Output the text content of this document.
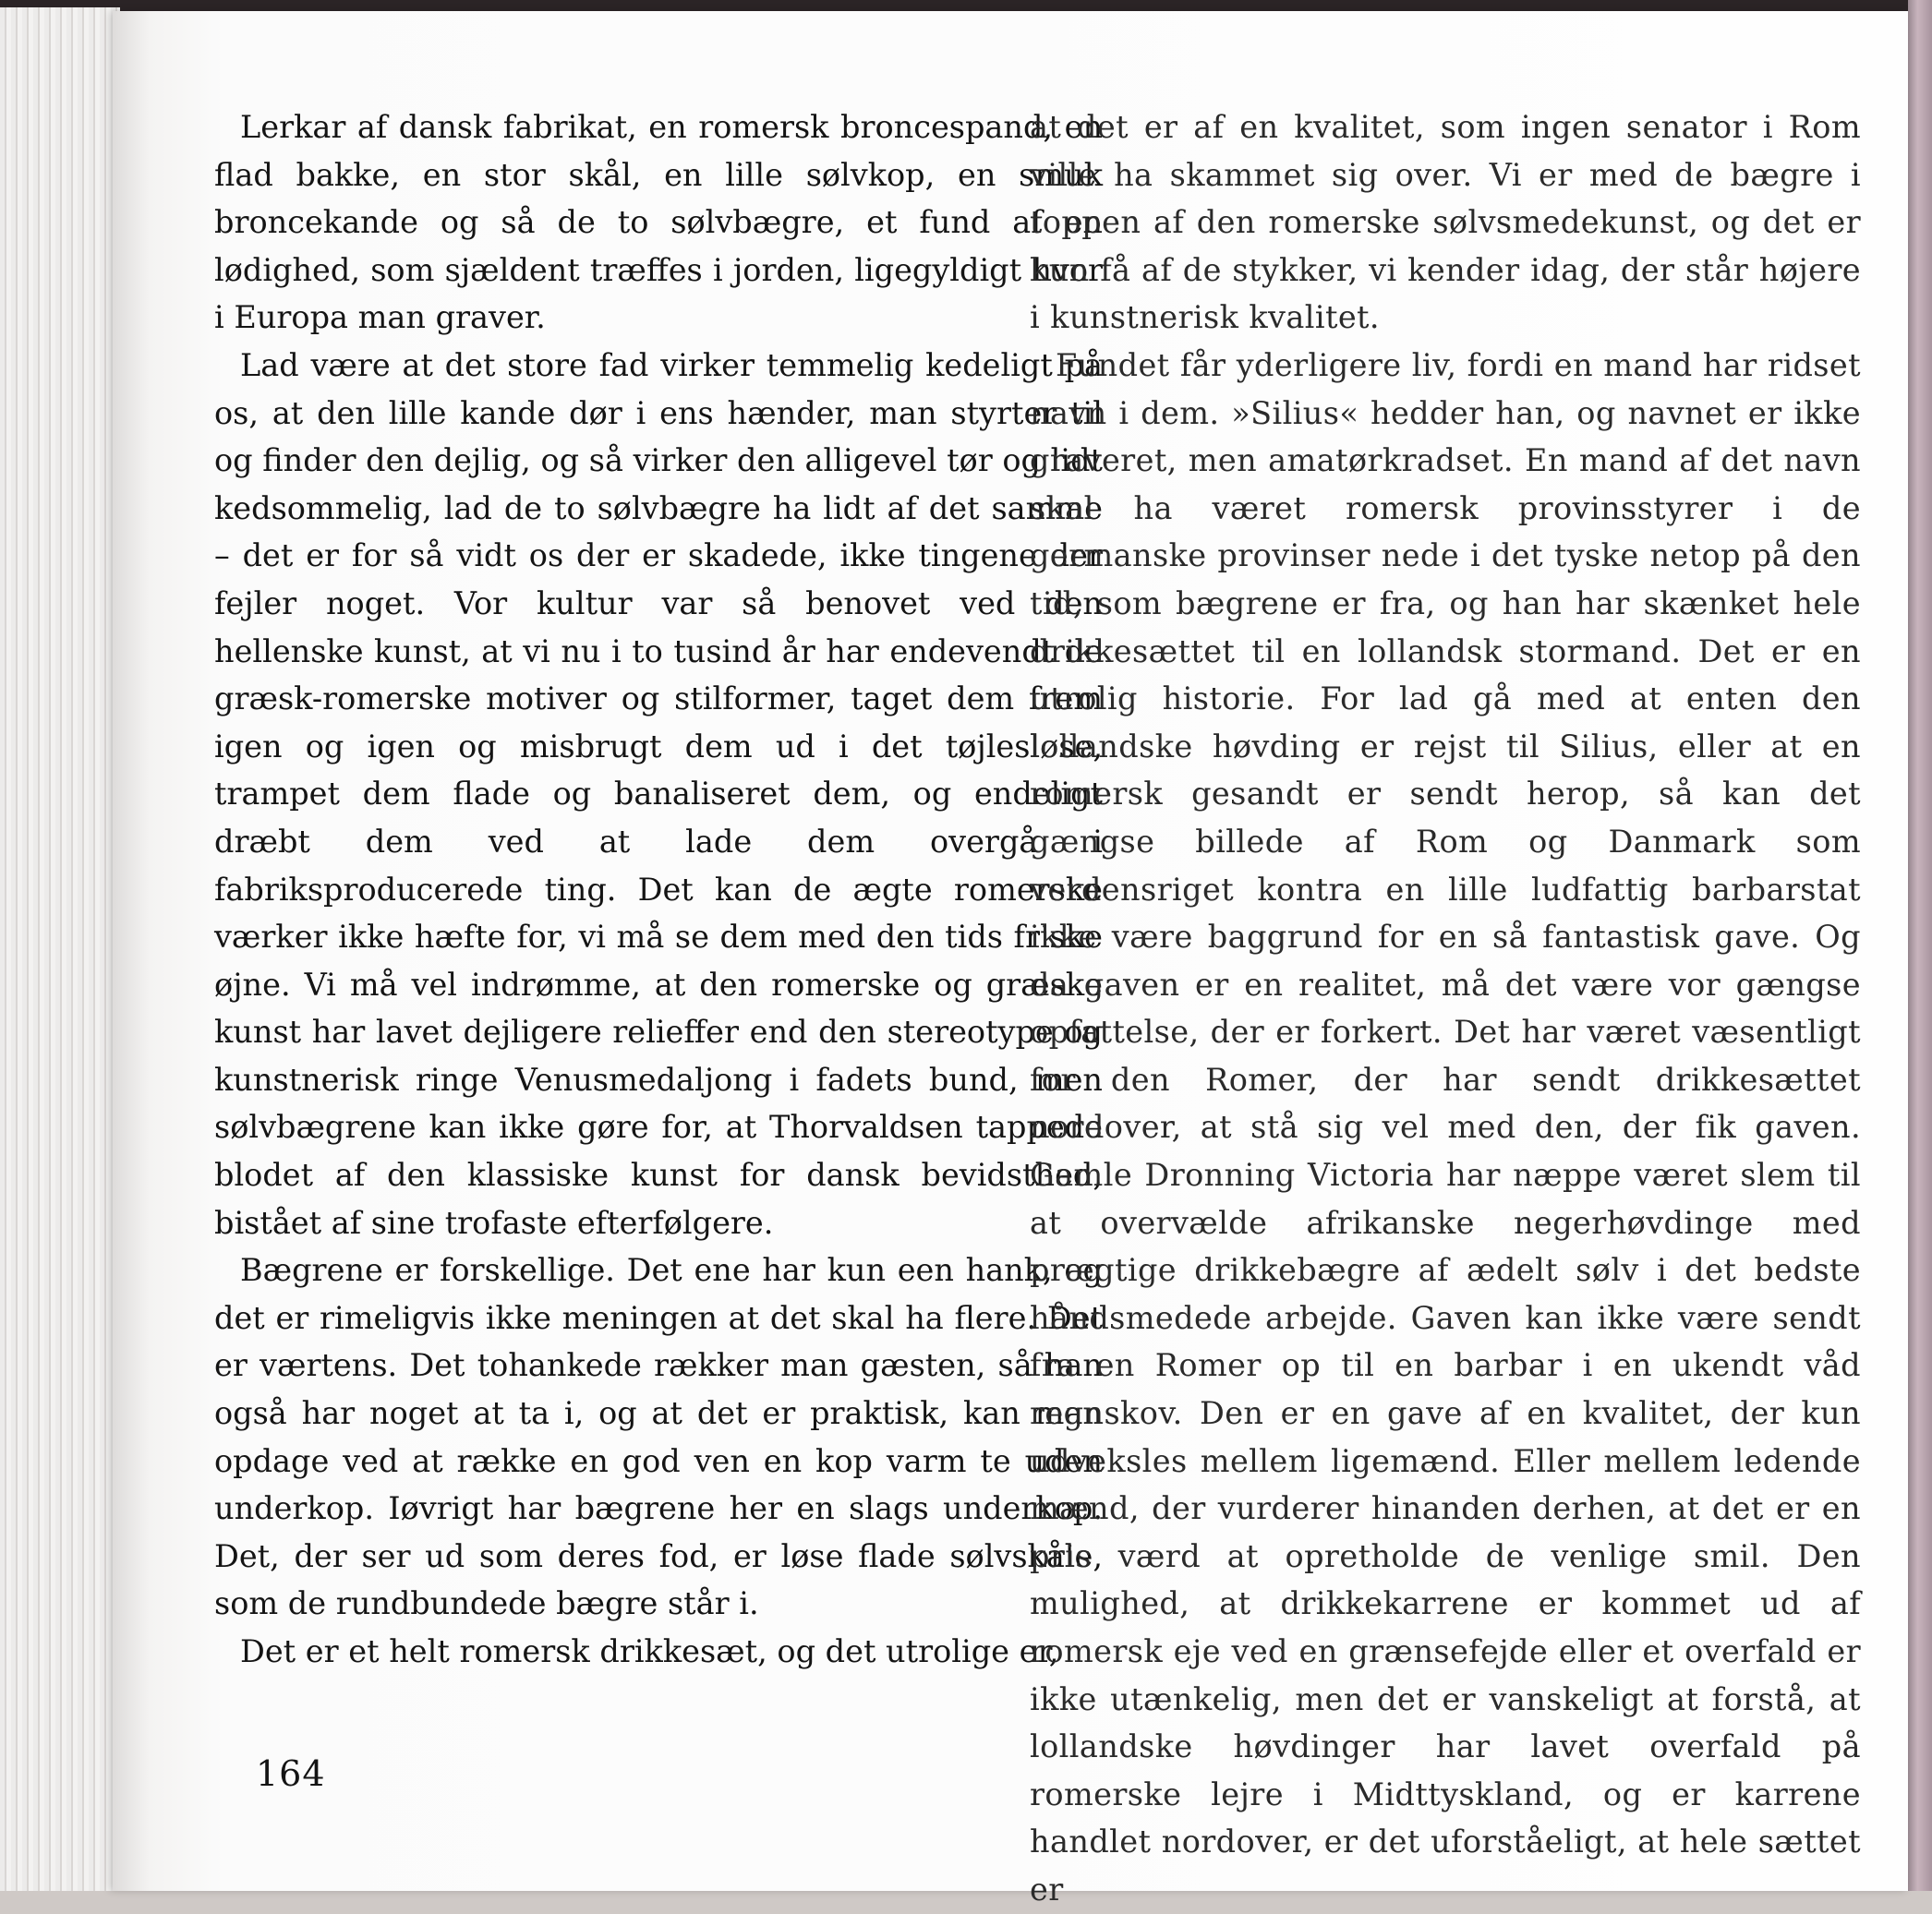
Lerkar af dansk fabrikat, en romersk broncespand, en flad bakke, en stor skål, en lille sølvkop, en smuk broncekande og så de to sølvbægre, et fund af en lødighed, som sjældent træffes i jorden, ligegyldigt hvor i Europa man graver.

Lad være at det store fad virker temmelig kedeligt på os, at den lille kande dør i ens hænder, man styrter til og finder den dejlig, og så virker den alligevel tør og lidt kedsommelig, lad de to sølvbægre ha lidt af det samme – det er for så vidt os der er skadede, ikke tingene der fejler noget. Vor kultur var så benovet ved den hellenske kunst, at vi nu i to tusind år har endevendt de græsk-romerske motiver og stilformer, taget dem frem igen og igen og misbrugt dem ud i det tøjlesløse, trampet dem flade og banaliseret dem, og endeligt dræbt dem ved at lade dem overgå i fabriksproducerede ting. Det kan de ægte romerske værker ikke hæfte for, vi må se dem med den tids friske øjne. Vi må vel indrømme, at den romerske og græske kunst har lavet dejligere relieffer end den stereotype og kunstnerisk ringe Venusmedaljong i fadets bund, men sølvbægrene kan ikke gøre for, at Thorvaldsen tappede blodet af den klassiske kunst for dansk bevidsthed, bistået af sine trofaste efterfølgere.

Bægrene er forskellige. Det ene har kun een hank, og det er rimeligvis ikke meningen at det skal ha flere. Det er værtens. Det tohankede rækker man gæsten, så han også har noget at ta i, og at det er praktisk, kan man opdage ved at række en god ven en kop varm te uden underkop. Iøvrigt har bægrene her en slags underkop. Det, der ser ud som deres fod, er løse flade sølvskåle, som de rundbundede bægre står i.

Det er et helt romersk drikkesæt, og det utrolige er,

at det er af en kvalitet, som ingen senator i Rom ville ha skammet sig over. Vi er med de bægre i toppen af den romerske sølvsmedekunst, og det er kun få af de stykker, vi kender idag, der står højere i kunstnerisk kvalitet.

Fundet får yderligere liv, fordi en mand har ridset navn i dem. »Silius« hedder han, og navnet er ikke graveret, men amatørkradset. En mand af det navn skal ha været romersk provinsstyrer i de germanske provinser nede i det tyske netop på den tid, som bægrene er fra, og han har skænket hele drikkesættet til en lollandsk stormand. Det er en utrolig historie. For lad gå med at enten den lollandske høvding er rejst til Silius, eller at en romersk gesandt er sendt herop, så kan det gængse billede af Rom og Danmark som verdensriget kontra en lille ludfattig barbarstat ikke være baggrund for en så fantastisk gave. Og da gaven er en realitet, må det være vor gængse opfattelse, der er forkert. Det har været væsentligt for den Romer, der har sendt drikkesættet nordover, at stå sig vel med den, der fik gaven. Gamle Dronning Victoria har næppe været slem til at overvælde afrikanske negerhøvdinge med prægtige drikkebægre af ædelt sølv i det bedste håndsmedede arbejde. Gaven kan ikke være sendt fra en Romer op til en barbar i en ukendt våd regnskov. Den er en gave af en kvalitet, der kun udveksles mellem ligemænd. Eller mellem ledende mænd, der vurderer hinanden derhen, at det er en pris værd at opretholde de venlige smil. Den mulighed, at drikkekarrene er kommet ud af romersk eje ved en grænsefejde eller et overfald er ikke utænkelig, men det er vanskeligt at forstå, at lollandske høvdinger har lavet overfald på romerske lejre i Midttyskland, og er karrene handlet nordover, er det uforståeligt, at hele sættet er

164
